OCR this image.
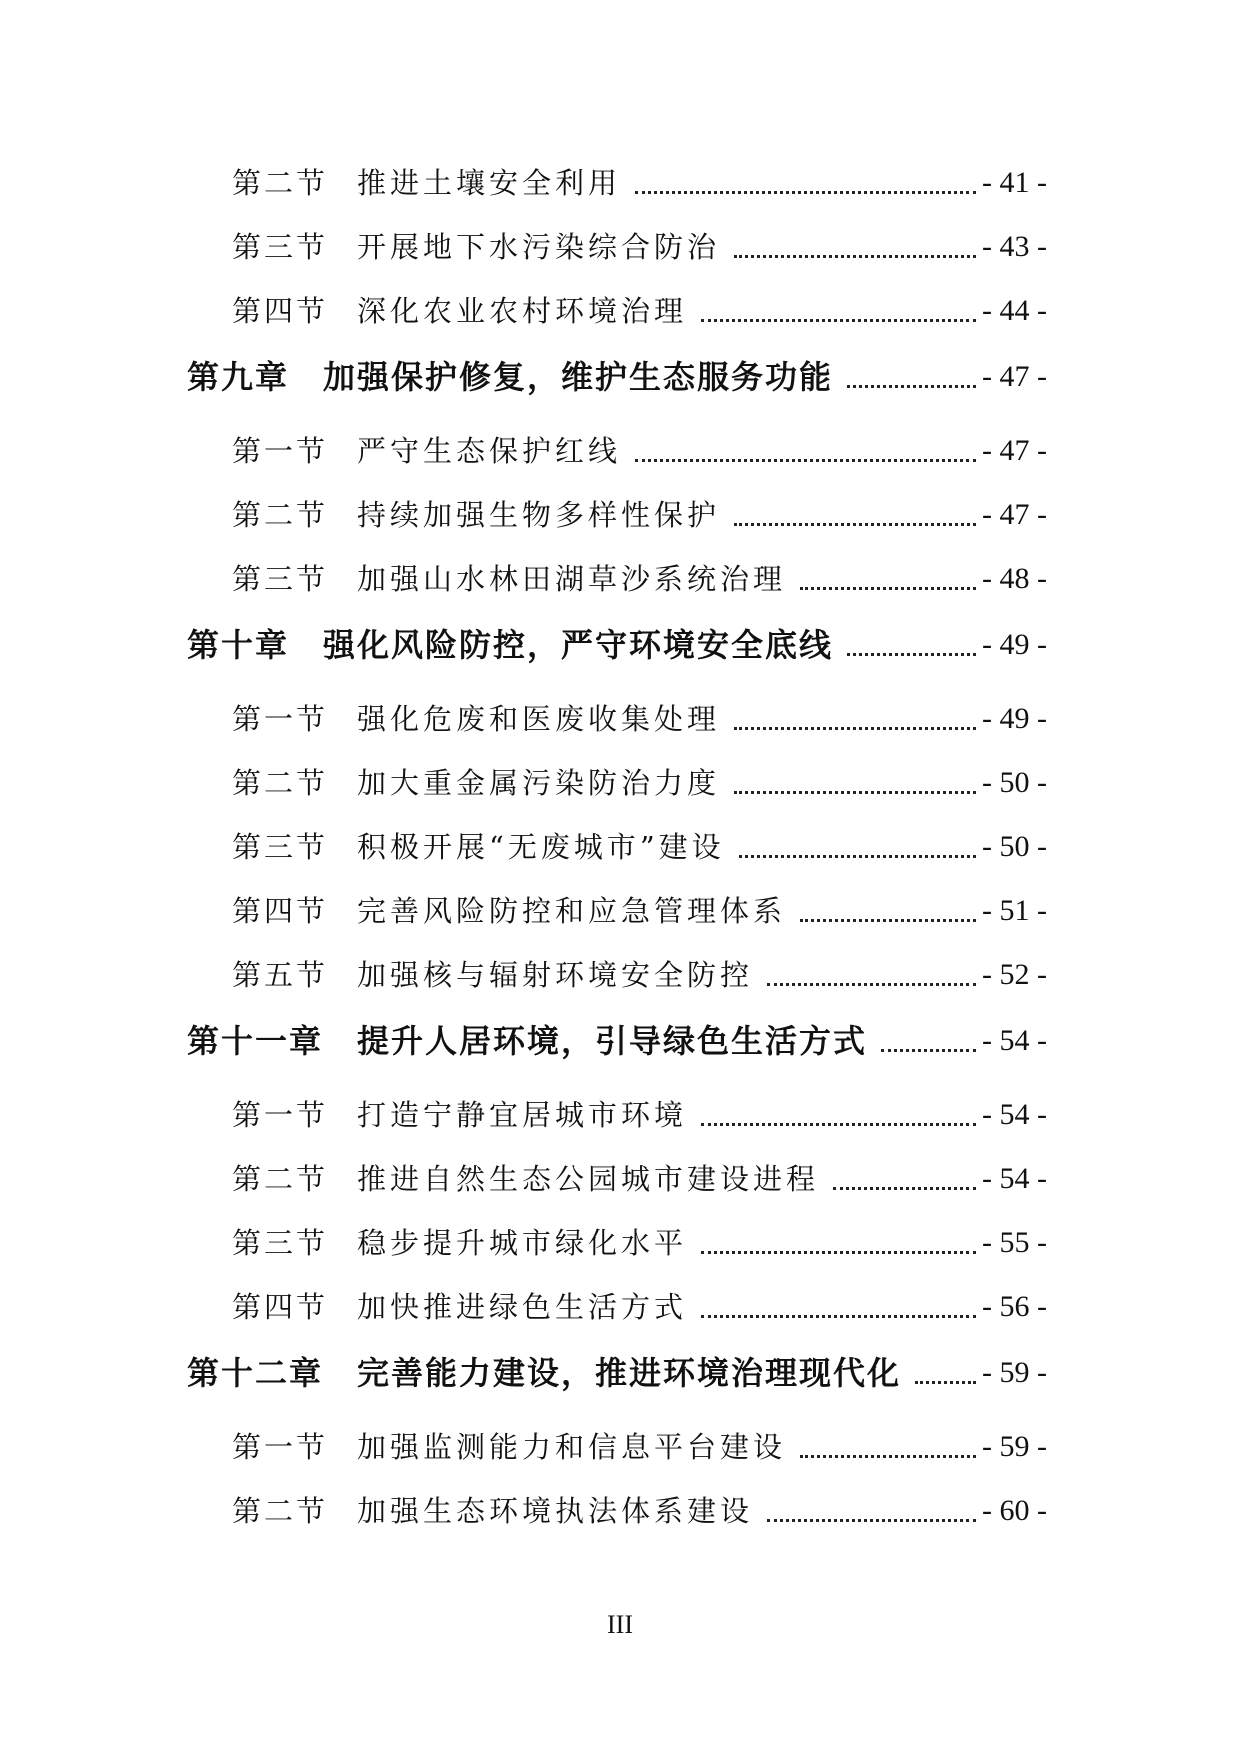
第二节 推进土壤安全利用	- 41 -
第三节 开展地下水污染综合防治	- 43 -
第四节 深化农业农村环境治理	- 44 -
第九章 加强保护修复，维护生态服务功能	- 47 -
第一节 严守生态保护红线	- 47 -
第二节 持续加强生物多样性保护	- 47 -
第三节 加强山水林田湖草沙系统治理	- 48 -
第十章 强化风险防控，严守环境安全底线	- 49 -
第一节 强化危废和医废收集处理	- 49 -
第二节 加大重金属污染防治力度	- 50 -
第三节 积极开展“无废城市”建设	- 50 -
第四节 完善风险防控和应急管理体系	- 51 -
第五节 加强核与辐射环境安全防控	- 52 -
第十一章 提升人居环境，引导绿色生活方式	- 54 -
第一节 打造宁静宜居城市环境	- 54 -
第二节 推进自然生态公园城市建设进程	- 54 -
第三节 稳步提升城市绿化水平	- 55 -
第四节 加快推进绿色生活方式	- 56 -
第十二章 完善能力建设，推进环境治理现代化	- 59 -
第一节 加强监测能力和信息平台建设	- 59 -
第二节 加强生态环境执法体系建设	- 60 -
III
